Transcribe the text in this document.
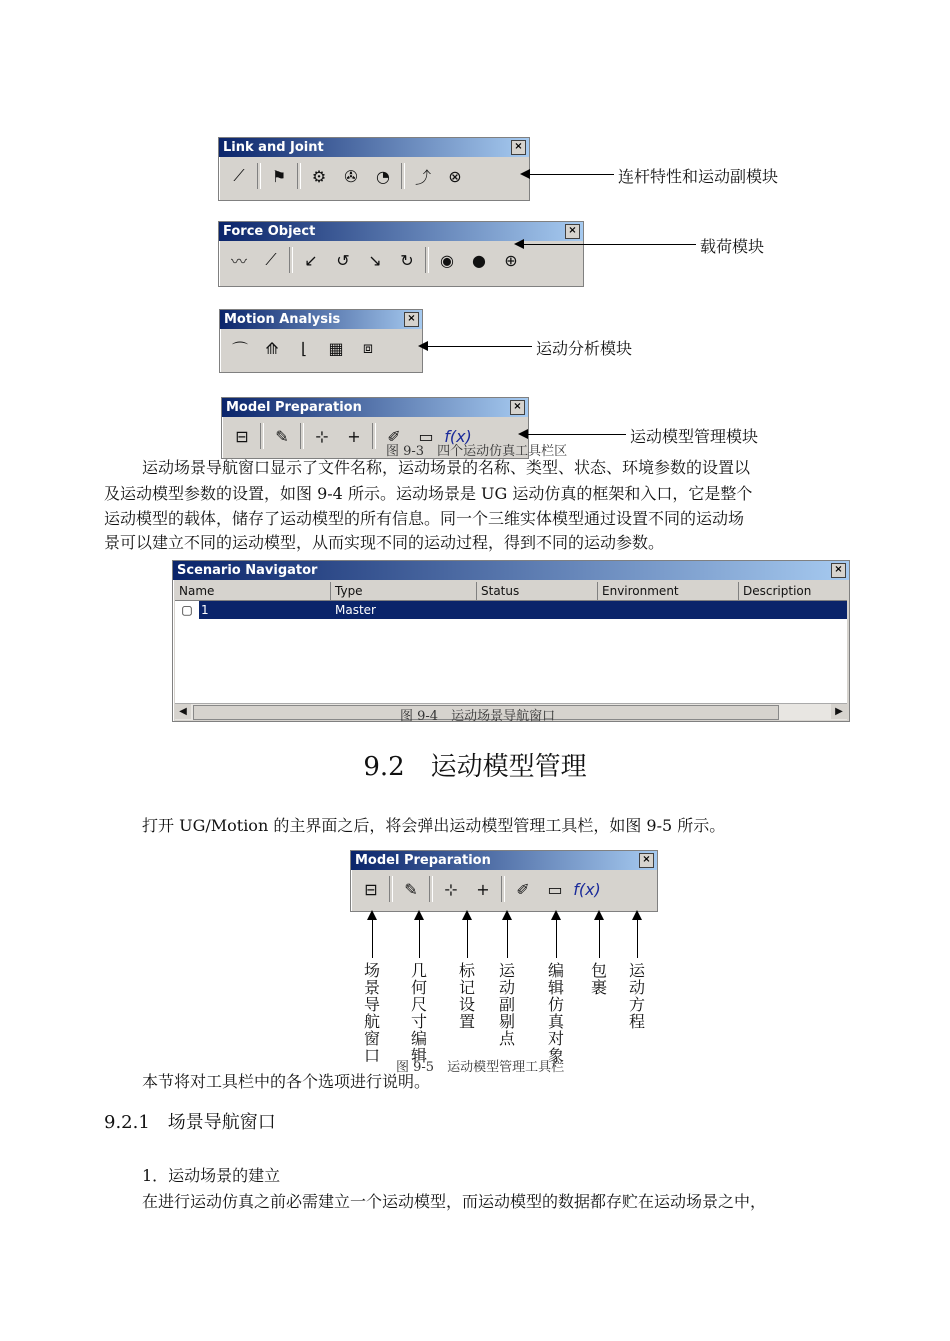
Link and Joint	×
⟋	⚑	⚙	✇	◔	⤴	⊗	连杆特性和运动副模块
Force Object	×
〰	⟋	↙	↺	↘	↻	◉	●	⊕
载荷模块
Motion Analysis	×
⌒	⟰	⌊	▦	⧈	运动分析模块
Model Preparation	×
⊟	✎	⊹	+	✐	▭ f(x)	运动模型管理模块
图 9-3　四个运动仿真工具栏区
运动场景导航窗口显示了文件名称，运动场景的名称、类型、状态、环境参数的设置以
及运动模型参数的设置，如图 9-4 所示。运动场景是 UG 运动仿真的框架和入口，它是整个
运动模型的载体，储存了运动模型的所有信息。同一个三维实体模型通过设置不同的运动场
景可以建立不同的运动模型，从而实现不同的运动过程，得到不同的运动参数。
Scenario Navigator	×
Name	Type	Status	Environment	Description
▢ 1	Master
◀	▶
图 9-4　运动场景导航窗口
9.2　运动模型管理
打开 UG/Motion 的主界面之后，将会弹出运动模型管理工具栏，如图 9-5 所示。
Model Preparation	×
⊟	✎	⊹	+	✐	▭ f(x)
场景导航窗口
几何尺寸编辑
标记设置
运动副剔点
编辑仿真对象
包裹
运动方程
图 9-5　运动模型管理工具栏
本节将对工具栏中的各个选项进行说明。
9.2.1　场景导航窗口
1．运动场景的建立
在进行运动仿真之前必需建立一个运动模型，而运动模型的数据都存贮在运动场景之中，
